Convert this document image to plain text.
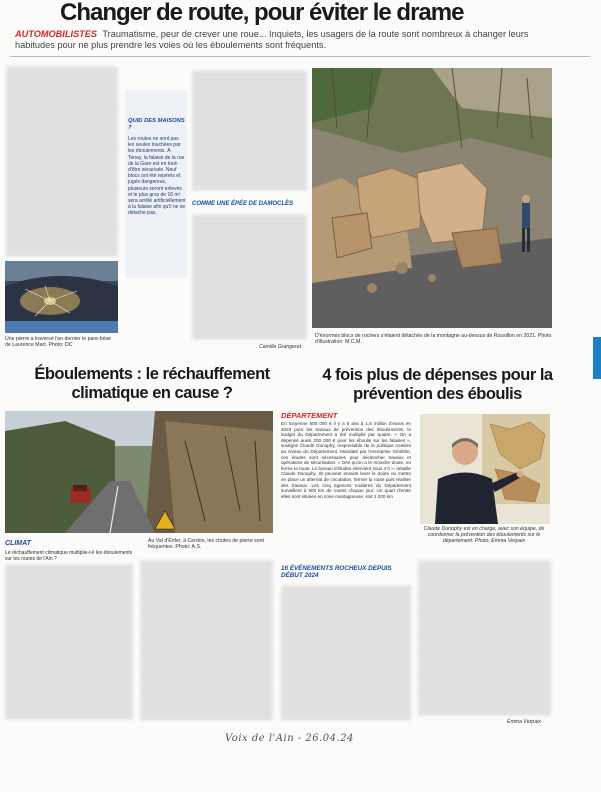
Changer de route, pour éviter le drame
AUTOMOBILISTES Traumatisme, peur de crever une roue... Inquiets, les usagers de la route sont nombreux à changer leurs habitudes pour ne plus prendre les voies où les éboulements sont fréquents.
Une pierre a traversé l'an dernier le pare-brise de Laurence Mart. Photo: DC
QUID DES MAISONS ?
Les routes ne sont pas les seules touchées par les éboulements. À Tenay, la falaise de la rue de la Gare est en train d'être sécurisée. Neuf blocs ont été repérés et jugés dangereux, plusieurs seront enlevés et le plus gros de 16 m³ sera arrêté artificiellement à la falaise afin qu'il ne se détache pas.
COMME UNE ÉPÉE DE DAMOCLÈS
Camille Grangeret
D'énormes blocs de rochers s'étaient détachés de la montagne au-dessus de Rossillon en 2021. Photo d'illustration: M.C.M.
Éboulements : le réchauffement climatique en cause ?
4 fois plus de dépenses pour la prévention des éboulis
Au Val d'Enfer, à Cerdon, les chutes de pierre sont fréquentes. Photo: A.S.
CLIMAT
Le réchauffement climatique multiplie-t-il les éboulements sur les routes de l'Ain ?
DÉPARTEMENT
En moyenne 500 000 € il y a 5 ans à 1,6 million d'euros en 2023 pour les travaux de prévention des éboulements, le budget du Département a été multiplié par quatre. « On a dépensé aussi 200 000 € pour les éboulis sur les falaises », souligne Claude Dunophy, responsable de la politique routière au niveau du Département. Mandaté par l'entreprise Géolithe, ces études sont nécessaires pour déclencher travaux et opérations de sécurisation. « Dès qu'on a le moindre doute, on ferme la route. Le bureau d'études intervient sous 4 h », détaille Claude Dunophy. Ils peuvent ensuite lever le doute ou mettre en place un alternat de circulation, fermer la route puis réaliser des travaux. Les cinq agences routières du Département surveillent à 500 km de routes chaque jour. Un quart d'entre elles sont situées en zone montagneuse, soit 1 200 km.
Claude Dunophy est en charge, avec son équipe, de coordonner la prévention des éboulements sur le département. Photo: Emma Verpaix
16 ÉVÉNEMENTS ROCHEUX DEPUIS DÉBUT 2024
Emma Verpaix
Voix de l'Ain - 26.04.24
